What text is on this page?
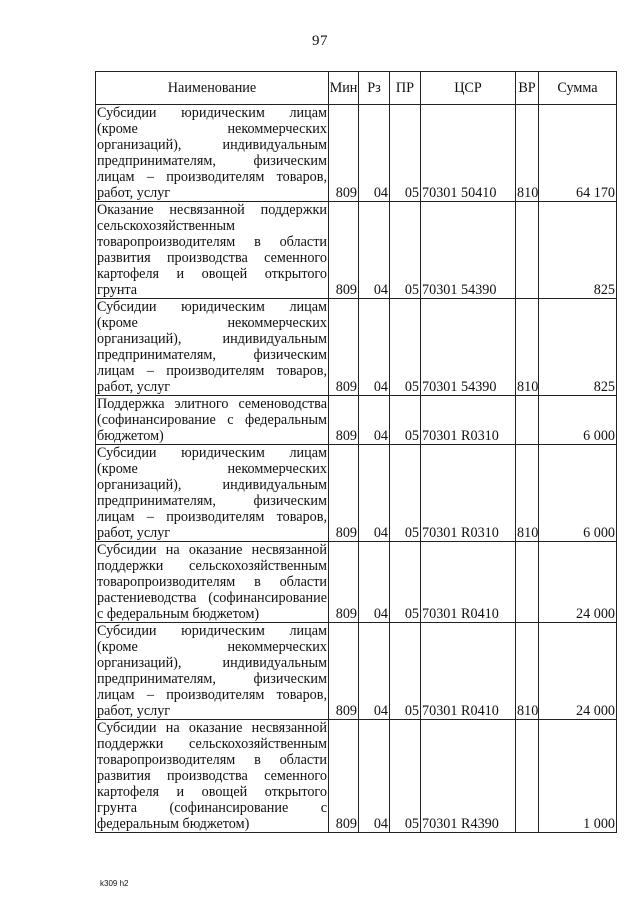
97
Наименование	Мин	Рз	ПР	ЦСР	ВР	Сумма
Субсидии юридическим лицам (кроме некоммерческих организаций), индивидуальным предпринимателям, физическим лицам – производителям товаров, работ, услуг	809	04	05	70301 50410	810	64 170
Оказание несвязанной поддержки сельскохозяйственным товаропроизводителям в области развития производства семенного картофеля и овощей открытого грунта	809	04	05	70301 54390		825
Субсидии юридическим лицам (кроме некоммерческих организаций), индивидуальным предпринимателям, физическим лицам – производителям товаров, работ, услуг	809	04	05	70301 54390	810	825
Поддержка элитного семеноводства (софинансирование с федеральным бюджетом)	809	04	05	70301 R0310		6 000
Субсидии юридическим лицам (кроме некоммерческих организаций), индивидуальным предпринимателям, физическим лицам – производителям товаров, работ, услуг	809	04	05	70301 R0310	810	6 000
Субсидии на оказание несвязанной поддержки сельскохозяйственным товаропроизводителям в области растениеводства (софинансирование с федеральным бюджетом)	809	04	05	70301 R0410		24 000
Субсидии юридическим лицам (кроме некоммерческих организаций), индивидуальным предпринимателям, физическим лицам – производителям товаров, работ, услуг	809	04	05	70301 R0410	810	24 000
Субсидии на оказание несвязанной поддержки сельскохозяйственным товаропроизводителям в области развития производства семенного картофеля и овощей открытого грунта (софинансирование с федеральным бюджетом)	809	04	05	70301 R4390		1 000
k309 h2
